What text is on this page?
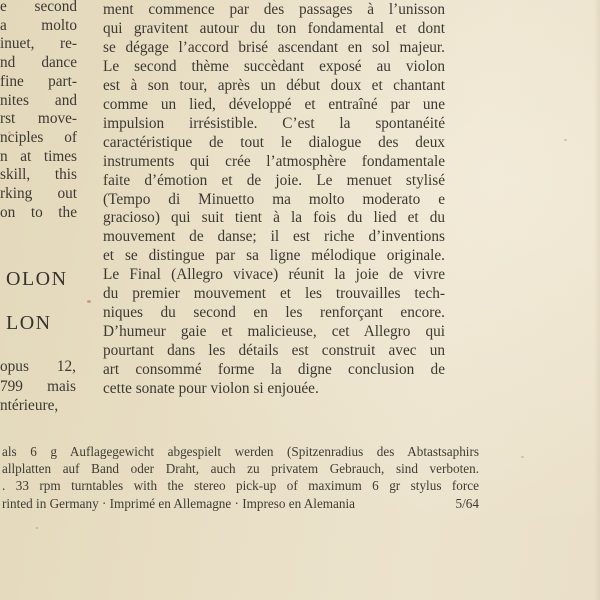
e second
a molto
inuet, re-
nd dance
fine part-
nites and
rst move-
nciples of
n at times
skill, this
rking out
on to the
OLON
LON
opus 12,
799 mais
ntérieure,
ment commence par des passages à l’unisson
qui gravitent autour du ton fondamental et dont
se dégage l’accord brisé ascendant en sol majeur.
Le second thème succèdant exposé au violon
est à son tour, après un début doux et chantant
comme un lied, développé et entraîné par une
impulsion irrésistible. C’est la spontanéité
caractéristique de tout le dialogue des deux
instruments qui crée l’atmosphère fondamentale
faite d’émotion et de joie. Le menuet stylisé
(Tempo di Minuetto ma molto moderato e
gracioso) qui suit tient à la fois du lied et du
mouvement de danse; il est riche d’inventions
et se distingue par sa ligne mélodique originale.
Le Final (Allegro vivace) réunit la joie de vivre
du premier mouvement et les trouvailles tech-
niques du second en les renforçant encore.
D’humeur gaie et malicieuse, cet Allegro qui
pourtant dans les détails est construit avec un
art consommé forme la digne conclusion de
cette sonate pour violon si enjouée.
als 6 g Auflagegewicht abgespielt werden (Spitzenradius des Abtastsaphirs
allplatten auf Band oder Draht, auch zu privatem Gebrauch, sind verboten.
. 33 rpm turntables with the stereo pick-up of maximum 6 gr stylus force
rinted in Germany · Imprimé en Allemagne · Impreso en Alemania	5/64
